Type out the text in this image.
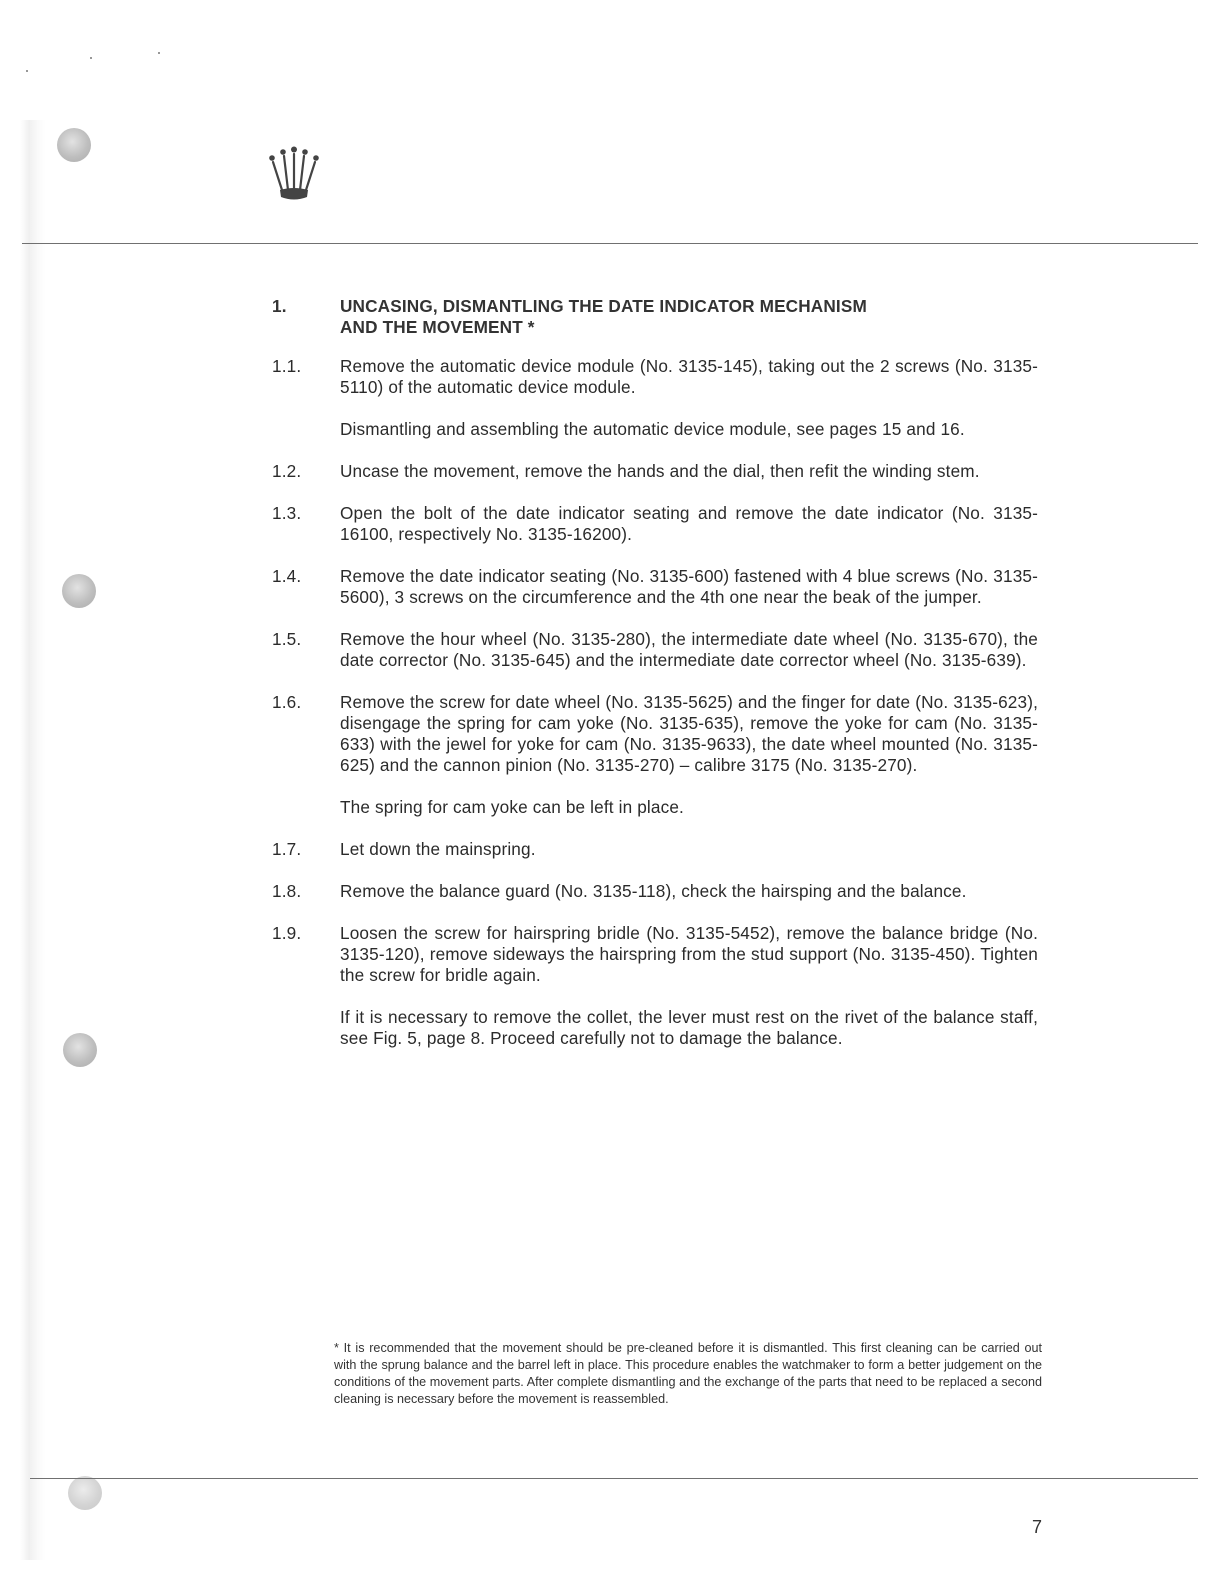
1.	UNCASING, DISMANTLING THE DATE INDICATOR MECHANISM
AND THE MOVEMENT *
1.1.	Remove the automatic device module (No. 3135-145), taking out the 2 screws (No. 3135-5110) of the automatic device module.
Dismantling and assembling the automatic device module, see pages 15 and 16.
1.2.	Uncase the movement, remove the hands and the dial, then refit the winding stem.
1.3.	Open the bolt of the date indicator seating and remove the date indicator (No. 3135-16100, respectively No. 3135-16200).
1.4.	Remove the date indicator seating (No. 3135-600) fastened with 4 blue screws (No. 3135-5600), 3 screws on the circumference and the 4th one near the beak of the jumper.
1.5.	Remove the hour wheel (No. 3135-280), the intermediate date wheel (No. 3135-670), the date corrector (No. 3135-645) and the intermediate date corrector wheel (No. 3135-639).
1.6.	Remove the screw for date wheel (No. 3135-5625) and the finger for date (No. 3135-623), disengage the spring for cam yoke (No. 3135-635), remove the yoke for cam (No. 3135-633) with the jewel for yoke for cam (No. 3135-9633), the date wheel mounted (No. 3135-625) and the cannon pinion (No. 3135-270) – calibre 3175 (No. 3135-270).
The spring for cam yoke can be left in place.
1.7.	Let down the mainspring.
1.8.	Remove the balance guard (No. 3135-118), check the hairsping and the balance.
1.9.	Loosen the screw for hairspring bridle (No. 3135-5452), remove the balance bridge (No. 3135-120), remove sideways the hairspring from the stud support (No. 3135-450). Tighten the screw for bridle again.
If it is necessary to remove the collet, the lever must rest on the rivet of the balance staff, see Fig. 5, page 8. Proceed carefully not to damage the balance.
* It is recommended that the movement should be pre-cleaned before it is dismantled. This first cleaning can be carried out with the sprung balance and the barrel left in place. This procedure enables the watchmaker to form a better judgement on the conditions of the movement parts. After complete dismantling and the exchange of the parts that need to be replaced a second cleaning is necessary before the movement is reassembled.
7
